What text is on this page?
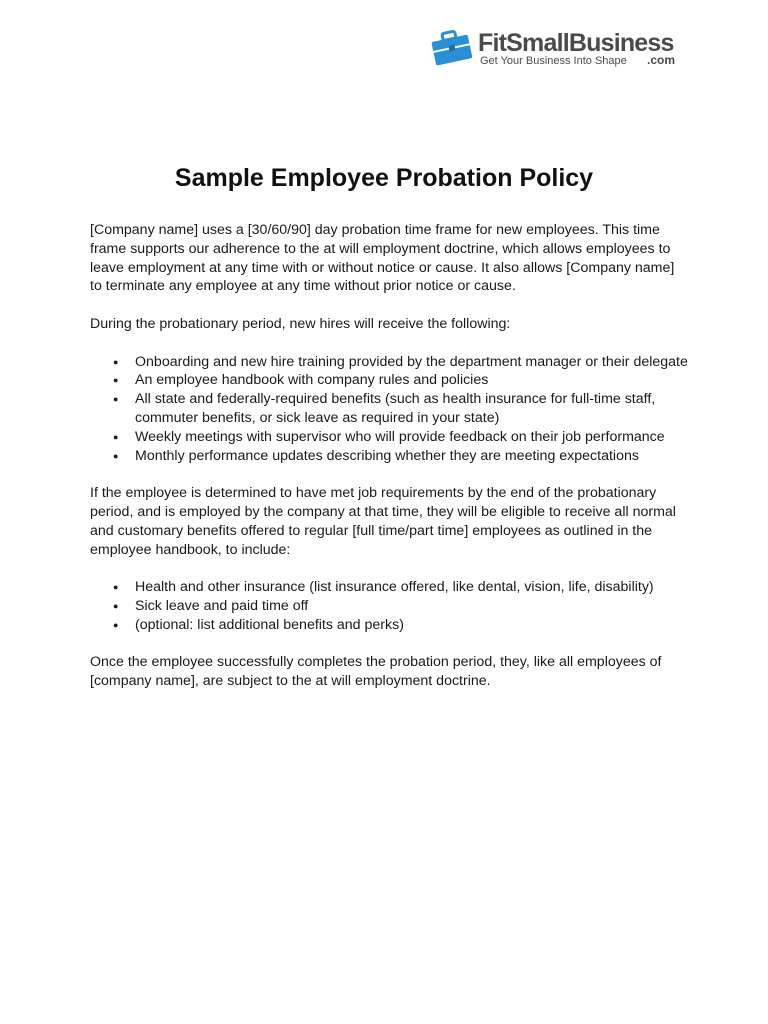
FitSmallBusiness
Get Your Business Into Shape .com
Sample Employee Probation Policy

[Company name] uses a [30/60/90] day probation time frame for new employees. This time frame supports our adherence to the at will employment doctrine, which allows employees to leave employment at any time with or without notice or cause. It also allows [Company name] to terminate any employee at any time without prior notice or cause.

During the probationary period, new hires will receive the following:

● Onboarding and new hire training provided by the department manager or their delegate
● An employee handbook with company rules and policies
● All state and federally-required benefits (such as health insurance for full-time staff, commuter benefits, or sick leave as required in your state)
● Weekly meetings with supervisor who will provide feedback on their job performance
● Monthly performance updates describing whether they are meeting expectations

If the employee is determined to have met job requirements by the end of the probationary period, and is employed by the company at that time, they will be eligible to receive all normal and customary benefits offered to regular [full time/part time] employees as outlined in the employee handbook, to include:

● Health and other insurance (list insurance offered, like dental, vision, life, disability)
● Sick leave and paid time off
● (optional: list additional benefits and perks)

Once the employee successfully completes the probation period, they, like all employees of [company name], are subject to the at will employment doctrine.
